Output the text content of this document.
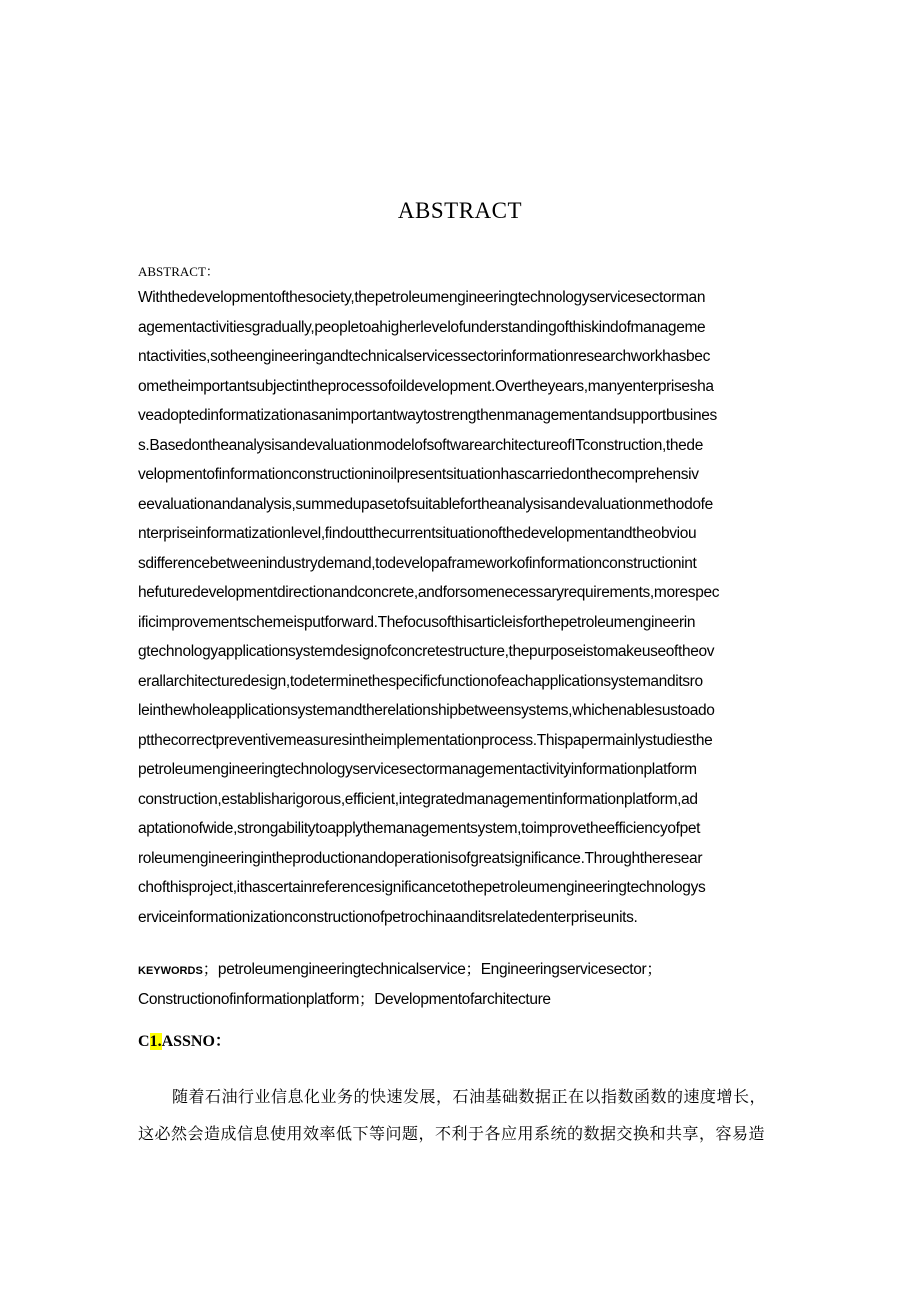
ABSTRACT
ABSTRACT：
Withthedevelopmentofthesociety,thepetroleumengineeringtechnologyservicesectorman
agementactivitiesgradually,peopletoahigherlevelofunderstandingofthiskindofmanageme
ntactivities,sotheengineeringandtechnicalservicessectorinformationresearchworkhasbec
ometheimportantsubjectintheprocessofoildevelopment.Overtheyears,manyenterprisesha
veadoptedinformatizationasanimportantwaytostrengthenmanagementandsupportbusines
s.BasedontheanalysisandevaluationmodelofsoftwarearchitectureofITconstruction,thede
velopmentofinformationconstructioninoilpresentsituationhascarriedonthecomprehensiv
eevaluationandanalysis,summedupasetofsuitablefortheanalysisandevaluationmethodofe
nterpriseinformatizationlevel,findoutthecurrentsituationofthedevelopmentandtheobviou
sdifferencebetweenindustrydemand,todevelopaframeworkofinformationconstructionint
hefuturedevelopmentdirectionandconcrete,andforsomenecessaryrequirements,morespec
ificimprovementschemeisputforward.Thefocusofthisarticleisforthepetroleumengineerin
gtechnologyapplicationsystemdesignofconcretestructure,thepurposeistomakeuseofthеov
erallarchitecturedesign,todeterminethespecificfunctionofeachapplicationsystemanditsro
leinthewholeapplicationsystemandtherelationshipbetweensystems,whichenablesustoado
ptthecorrectpreventivemeasuresintheimplementationprocess.Thispapermainlystudiesthe
petroleumengineeringtechnologyservicesectormanagementactivityinformationplatform
construction,establisharigorous,efficient,integratedmanagementinformationplatform,ad
aptationofwide,strongabilitytoapplythemanagementsystem,toimprovetheefficiencyofpet
roleumengineeringintheproductionandoperationisofgreatsignificance.Throughthereseаr
chofthisproject,ithascertainreferencesignificancetothepetroleumengineeringtechnologys
erviceinformationizationconstructionofpetrochinaanditsrelatedenterpriseunits.
KEYWORDS；petroleumengineeringtechnicalservice；Engineeringservicesector；
Constructionofinformationplatform；Developmentofarchitecture
C1.ASSNO：
随着石油行业信息化业务的快速发展，石油基础数据正在以指数函数的速度增长，
这必然会造成信息使用效率低下等问题，不利于各应用系统的数据交换和共享，容易造
